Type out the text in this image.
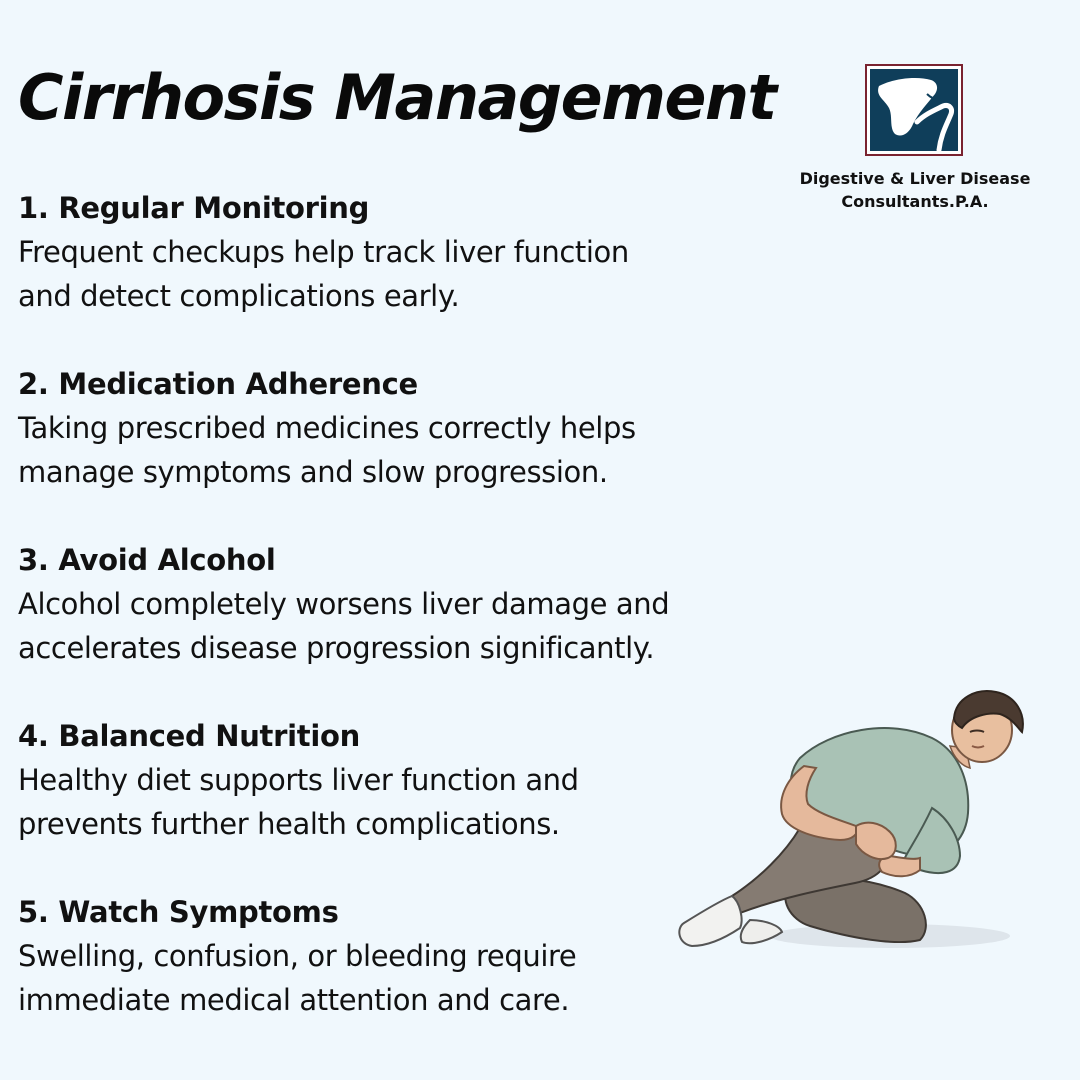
Cirrhosis Management
Digestive & Liver Disease
Consultants.P.A.
1. Regular Monitoring
Frequent checkups help track liver function
and detect complications early.
2. Medication Adherence
Taking prescribed medicines correctly helps
manage symptoms and slow progression.
3. Avoid Alcohol
Alcohol completely worsens liver damage and
accelerates disease progression significantly.
4. Balanced Nutrition
Healthy diet supports liver function and
prevents further health complications.
5. Watch Symptoms
Swelling, confusion, or bleeding require
immediate medical attention and care.
